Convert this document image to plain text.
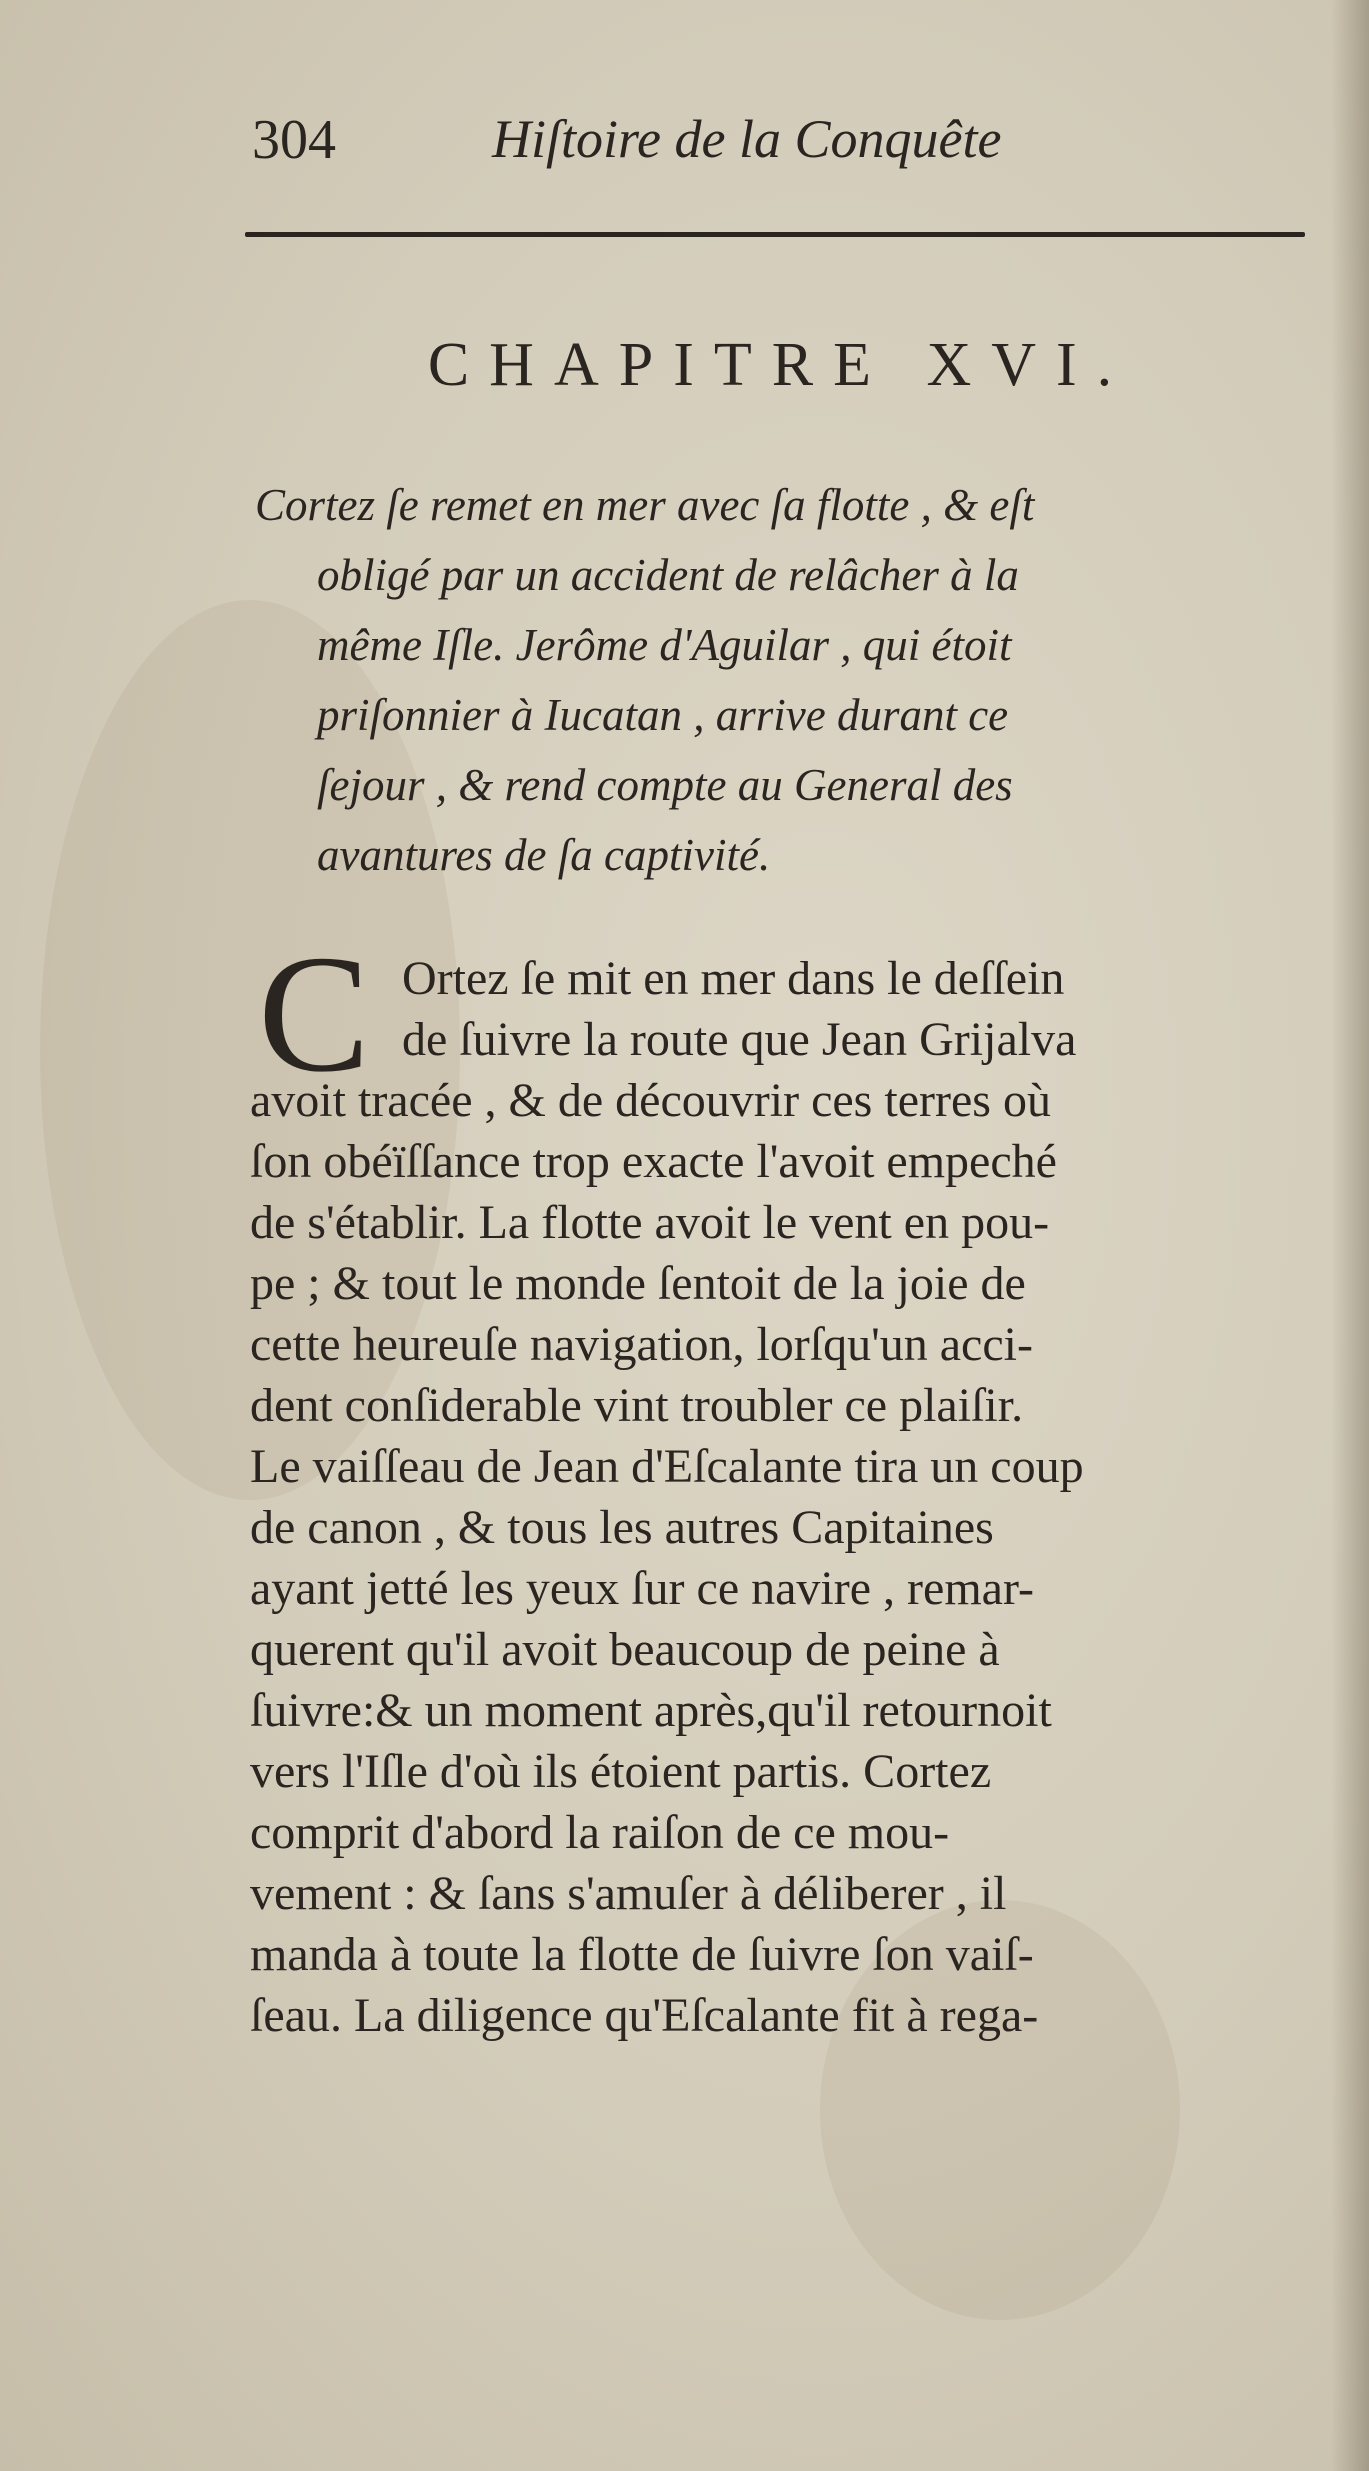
304	Hiſtoire de la Conquête
CHAPITRE XVI.
Cortez ſe remet en mer avec ſa flotte , & eſt
obligé par un accident de relâcher à la
même Iſle. Jerôme d'Aguilar , qui étoit
priſonnier à Iucatan , arrive durant ce
ſejour , & rend compte au General des
avantures de ſa captivité.
C Ortez ſe mit en mer dans le deſſein
de ſuivre la route que Jean Grijalva
avoit tracée , & de découvrir ces terres où
ſon obéïſſance trop exacte l'avoit empeché
de s'établir. La flotte avoit le vent en pou-
pe ; & tout le monde ſentoit de la joie de
cette heureuſe navigation, lorſqu'un acci-
dent conſiderable vint troubler ce plaiſir.
Le vaiſſeau de Jean d'Eſcalante tira un coup
de canon , & tous les autres Capitaines
ayant jetté les yeux ſur ce navire , remar-
querent qu'il avoit beaucoup de peine à
ſuivre:& un moment après,qu'il retournoit
vers l'Iſle d'où ils étoient partis. Cortez
comprit d'abord la raiſon de ce mou-
vement : & ſans s'amuſer à déliberer , il
manda à toute la flotte de ſuivre ſon vaiſ-
ſeau. La diligence qu'Eſcalante fit à rega-
